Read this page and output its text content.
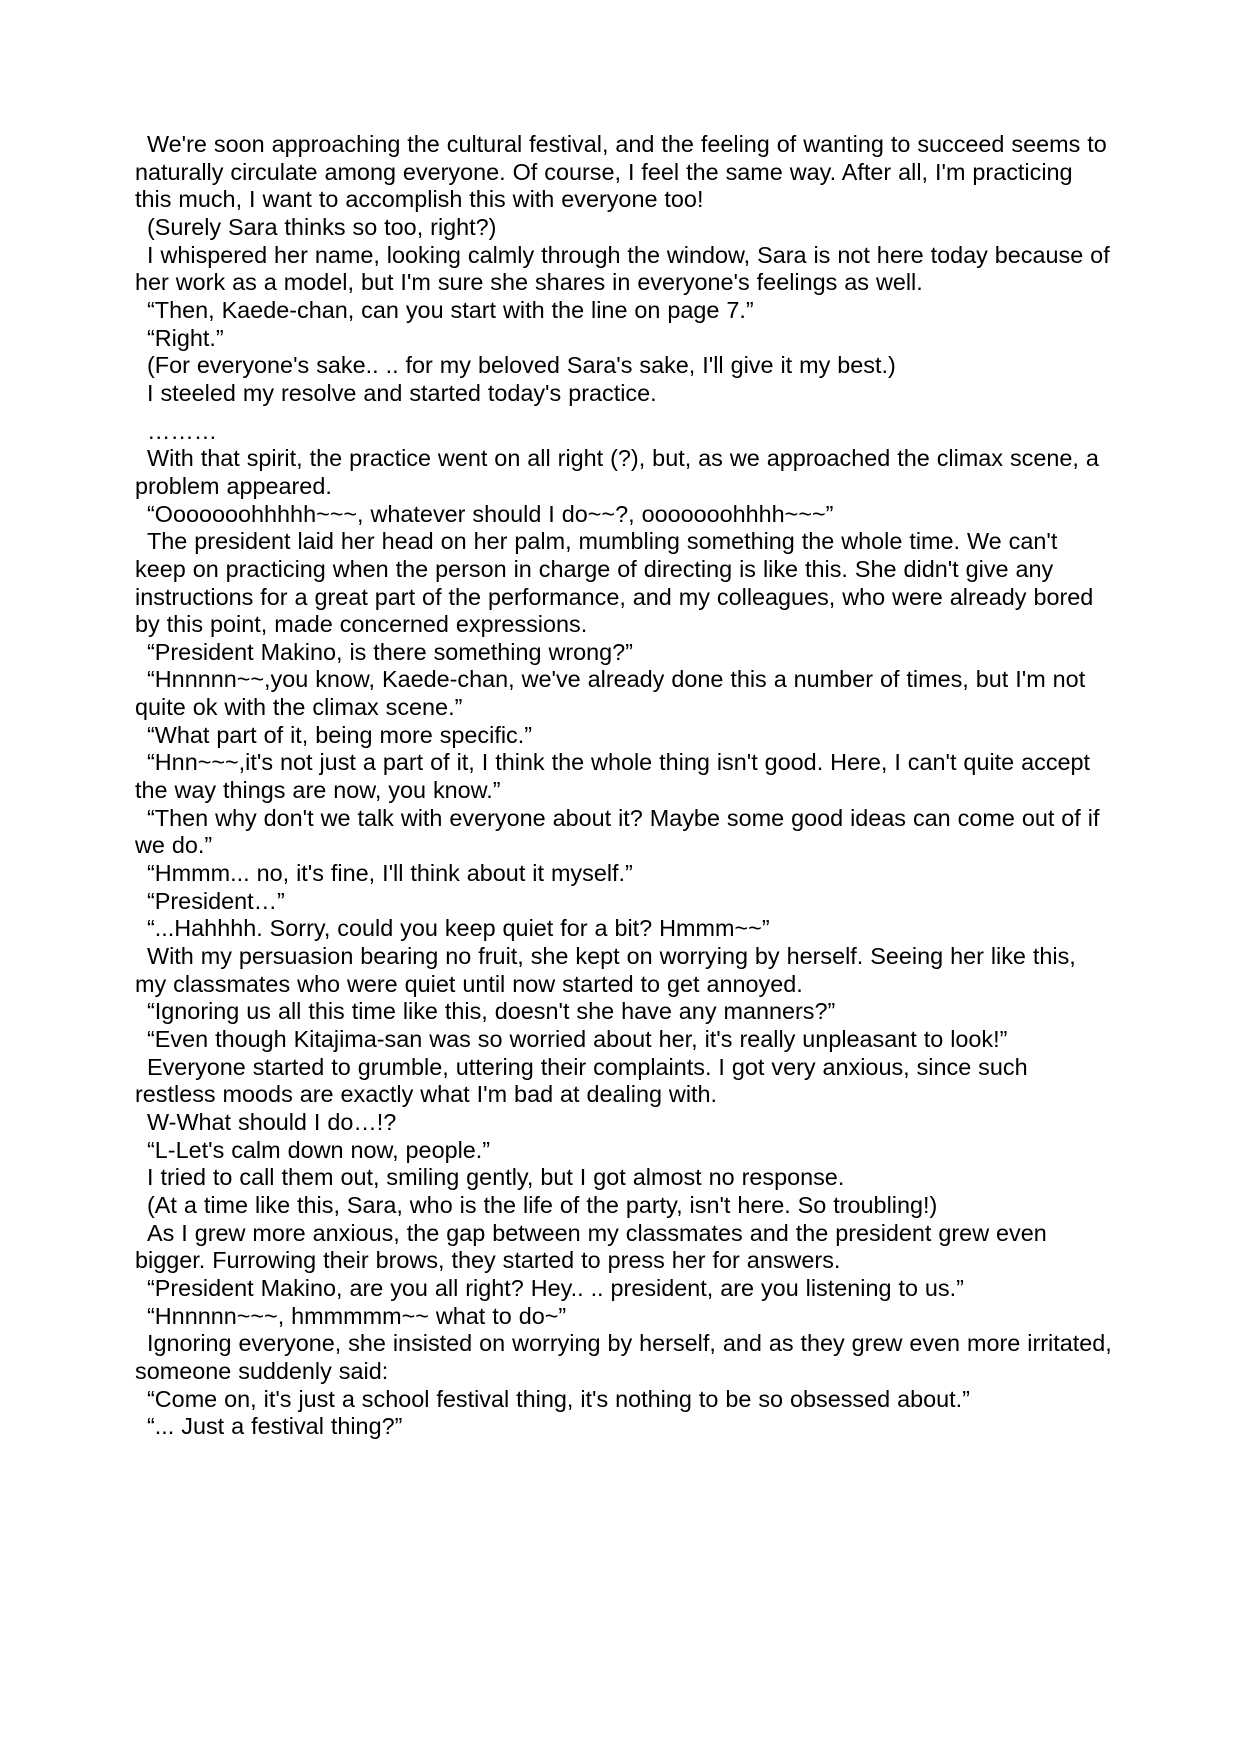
We're soon approaching the cultural festival, and the feeling of wanting to succeed seems to naturally circulate among everyone. Of course, I feel the same way. After all, I'm practicing this much, I want to accomplish this with everyone too!

(Surely Sara thinks so too, right?)

I whispered her name, looking calmly through the window, Sara is not here today because of her work as a model, but I'm sure she shares in everyone's feelings as well.

“Then, Kaede-chan, can you start with the line on page 7.”

“Right.”

(For everyone's sake.. .. for my beloved Sara's sake, I'll give it my best.)

I steeled my resolve and started today's practice.

………

With that spirit, the practice went on all right (?), but, as we approached the climax scene, a problem appeared.

“Ooooooohhhhh~~~, whatever should I do~~?, ooooooohhhh~~~”

The president laid her head on her palm, mumbling something the whole time. We can't keep on practicing when the person in charge of directing is like this. She didn't give any instructions for a great part of the performance, and my colleagues, who were already bored by this point, made concerned expressions.

“President Makino, is there something wrong?”

“Hnnnnn~~,you know, Kaede-chan, we've already done this a number of times, but I'm not quite ok with the climax scene.”

“What part of it, being more specific.”

“Hnn~~~,it's not just a part of it, I think the whole thing isn't good. Here, I can't quite accept the way things are now, you know.”

“Then why don't we talk with everyone about it? Maybe some good ideas can come out of if we do.”

“Hmmm... no, it's fine, I'll think about it myself.”

“President…”

“...Hahhhh. Sorry, could you keep quiet for a bit? Hmmm~~”

With my persuasion bearing no fruit, she kept on worrying by herself. Seeing her like this, my classmates who were quiet until now started to get annoyed.

“Ignoring us all this time like this, doesn't she have any manners?”

“Even though Kitajima-san was so worried about her, it's really unpleasant to look!”

Everyone started to grumble, uttering their complaints. I got very anxious, since such restless moods are exactly what I'm bad at dealing with.

W-What should I do…!?

“L-Let's calm down now, people.”

I tried to call them out, smiling gently, but I got almost no response.

(At a time like this, Sara, who is the life of the party, isn't here. So troubling!)

As I grew more anxious, the gap between my classmates and the president grew even bigger. Furrowing their brows, they started to press her for answers.

“President Makino, are you all right? Hey.. .. president, are you listening to us.”

“Hnnnnn~~~, hmmmmm~~ what to do~”

Ignoring everyone, she insisted on worrying by herself, and as they grew even more irritated, someone suddenly said:

“Come on, it's just a school festival thing, it's nothing to be so obsessed about.”

“... Just a festival thing?”
